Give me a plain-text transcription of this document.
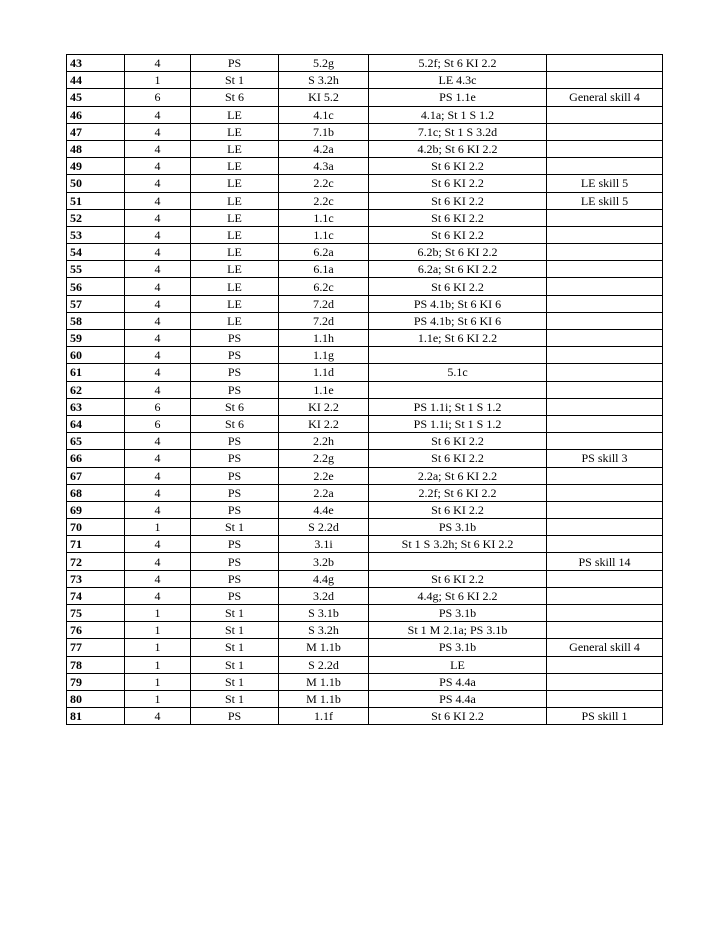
43	4	PS	5.2g	5.2f; St 6 KI 2.2	
44	1	St 1	S 3.2h	LE 4.3c	
45	6	St 6	KI 5.2	PS 1.1e	General skill 4
46	4	LE	4.1c	4.1a; St 1 S 1.2	
47	4	LE	7.1b	7.1c; St 1 S 3.2d	
48	4	LE	4.2a	4.2b; St 6 KI 2.2	
49	4	LE	4.3a	St 6 KI 2.2	
50	4	LE	2.2c	St 6 KI 2.2	LE skill 5
51	4	LE	2.2c	St 6 KI 2.2	LE skill 5
52	4	LE	1.1c	St 6 KI 2.2	
53	4	LE	1.1c	St 6 KI 2.2	
54	4	LE	6.2a	6.2b; St 6 KI 2.2	
55	4	LE	6.1a	6.2a; St 6 KI 2.2	
56	4	LE	6.2c	St 6 KI 2.2	
57	4	LE	7.2d	PS 4.1b; St 6 KI 6	
58	4	LE	7.2d	PS 4.1b; St 6 KI 6	
59	4	PS	1.1h	1.1e; St 6 KI 2.2	
60	4	PS	1.1g		
61	4	PS	1.1d	5.1c	
62	4	PS	1.1e		
63	6	St 6	KI 2.2	PS 1.1i; St 1 S 1.2	
64	6	St 6	KI 2.2	PS 1.1i; St 1 S 1.2	
65	4	PS	2.2h	St 6 KI 2.2	
66	4	PS	2.2g	St 6 KI 2.2	PS skill 3
67	4	PS	2.2e	2.2a; St 6 KI 2.2	
68	4	PS	2.2a	2.2f; St 6 KI 2.2	
69	4	PS	4.4e	St 6 KI 2.2	
70	1	St 1	S 2.2d	PS 3.1b	
71	4	PS	3.1i	St 1 S 3.2h; St 6 KI 2.2	
72	4	PS	3.2b		PS skill 14
73	4	PS	4.4g	St 6 KI 2.2	
74	4	PS	3.2d	4.4g; St 6 KI 2.2	
75	1	St 1	S 3.1b	PS 3.1b	
76	1	St 1	S 3.2h	St 1 M 2.1a; PS 3.1b	
77	1	St 1	M 1.1b	PS 3.1b	General skill 4
78	1	St 1	S 2.2d	LE	
79	1	St 1	M 1.1b	PS 4.4a	
80	1	St 1	M 1.1b	PS 4.4a	
81	4	PS	1.1f	St 6 KI 2.2	PS skill 1
